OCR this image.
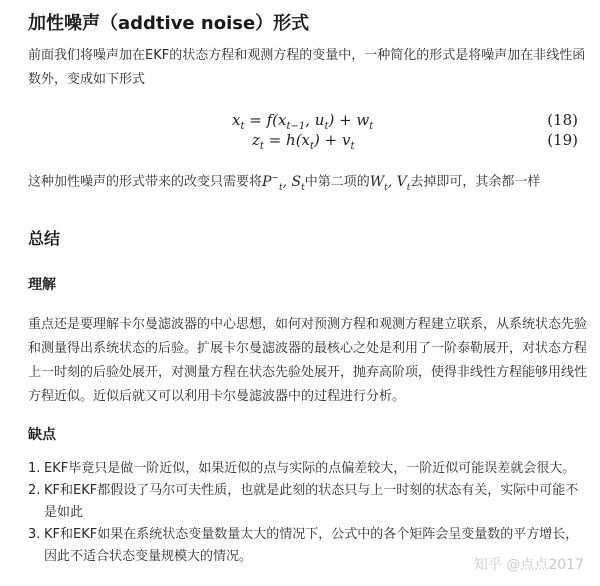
加性噪声（addtive noise）形式
前面我们将噪声加在EKF的状态方程和观测方程的变量中，一种简化的形式是将噪声加在非线性函数外，变成如下形式
$x_t = f(x_{t-1}$, $u_t) + w_t$	(18)
$z_t = h(x_t) + v_t$	(19)
这种加性噪声的形式带来的改变只需要将$P^-_t$, $S_t$中第二项的$W_t$, $V_t$去掉即可，其余都一样
总结
理解
重点还是要理解卡尔曼滤波器的中心思想，如何对预测方程和观测方程建立联系，从系统状态先验和测量得出系统状态的后验。扩展卡尔曼滤波器的最核心之处是利用了一阶泰勒展开，对状态方程上一时刻的后验处展开，对测量方程在状态先验处展开，抛弃高阶项，使得非线性方程能够用线性方程近似。近似后就又可以利用卡尔曼滤波器中的过程进行分析。
缺点
1. EKF毕竟只是做一阶近似，如果近似的点与实际的点偏差较大，一阶近似可能误差就会很大。
2. KF和EKF都假设了马尔可夫性质，也就是此刻的状态只与上一时刻的状态有关，实际中可能不是如此
3. KF和EKF如果在系统状态变量数量太大的情况下，公式中的各个矩阵会呈变量数的平方增长，因此不适合状态变量规模大的情况。
知乎 @点点2017
